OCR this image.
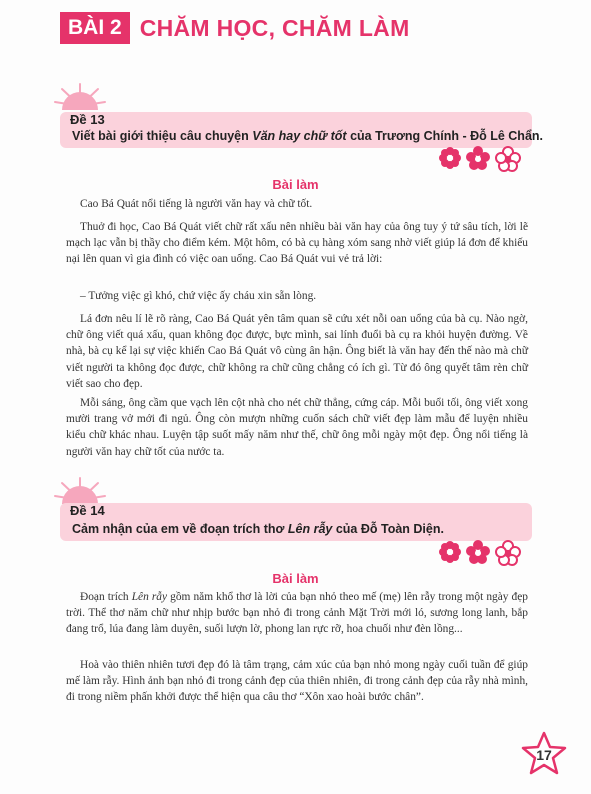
BÀI 2 CHĂM HỌC, CHĂM LÀM
Đề 13
Viết bài giới thiệu câu chuyện Văn hay chữ tốt của Trương Chính - Đỗ Lê Chẩn.
Bài làm

Cao Bá Quát nổi tiếng là người văn hay và chữ tốt.

Thuở đi học, Cao Bá Quát viết chữ rất xấu nên nhiều bài văn hay của ông tuy ý tứ sâu tích, lời lẽ mạch lạc vẫn bị thầy cho điểm kém. Một hôm, có bà cụ hàng xóm sang nhờ viết giúp lá đơn để khiếu nại lên quan vì gia đình có việc oan uổng. Cao Bá Quát vui vẻ trả lời:

– Tưởng việc gì khó, chứ việc ấy cháu xin sẵn lòng.

Lá đơn nêu lí lẽ rõ ràng, Cao Bá Quát yên tâm quan sẽ cứu xét nỗi oan uổng của bà cụ. Nào ngờ, chữ ông viết quá xấu, quan không đọc được, bực mình, sai lính đuổi bà cụ ra khỏi huyện đường. Về nhà, bà cụ kể lại sự việc khiến Cao Bá Quát vô cùng ân hận. Ông biết là văn hay đến thế nào mà chữ viết người ta không đọc được, chữ không ra chữ cũng chẳng có ích gì. Từ đó ông quyết tâm rèn chữ viết sao cho đẹp.

Mỗi sáng, ông cầm que vạch lên cột nhà cho nét chữ thẳng, cứng cáp. Mỗi buổi tối, ông viết xong mười trang vở mới đi ngủ. Ông còn mượn những cuốn sách chữ viết đẹp làm mẫu để luyện nhiều kiểu chữ khác nhau. Luyện tập suốt mấy năm như thế, chữ ông mỗi ngày một đẹp. Ông nổi tiếng là người văn hay chữ tốt của nước ta.

Đề 14
Cảm nhận của em về đoạn trích thơ Lên rẫy của Đỗ Toàn Diện.
Bài làm

Đoạn trích Lên rẫy gồm năm khổ thơ là lời của bạn nhỏ theo mế (mẹ) lên rẫy trong một ngày đẹp trời. Thể thơ năm chữ như nhịp bước bạn nhỏ đi trong cảnh Mặt Trời mới ló, sương long lanh, bắp đang trổ, lúa đang làm duyên, suối lượn lờ, phong lan rực rỡ, hoa chuối như đèn lồng...

Hoà vào thiên nhiên tươi đẹp đó là tâm trạng, cảm xúc của bạn nhỏ mong ngày cuối tuần để giúp mế làm rẫy. Hình ảnh bạn nhỏ đi trong cảnh đẹp của thiên nhiên, đi trong cảnh đẹp của rẫy nhà mình, đi trong niềm phấn khởi được thể hiện qua câu thơ “Xôn xao hoài bước chân”.

17
